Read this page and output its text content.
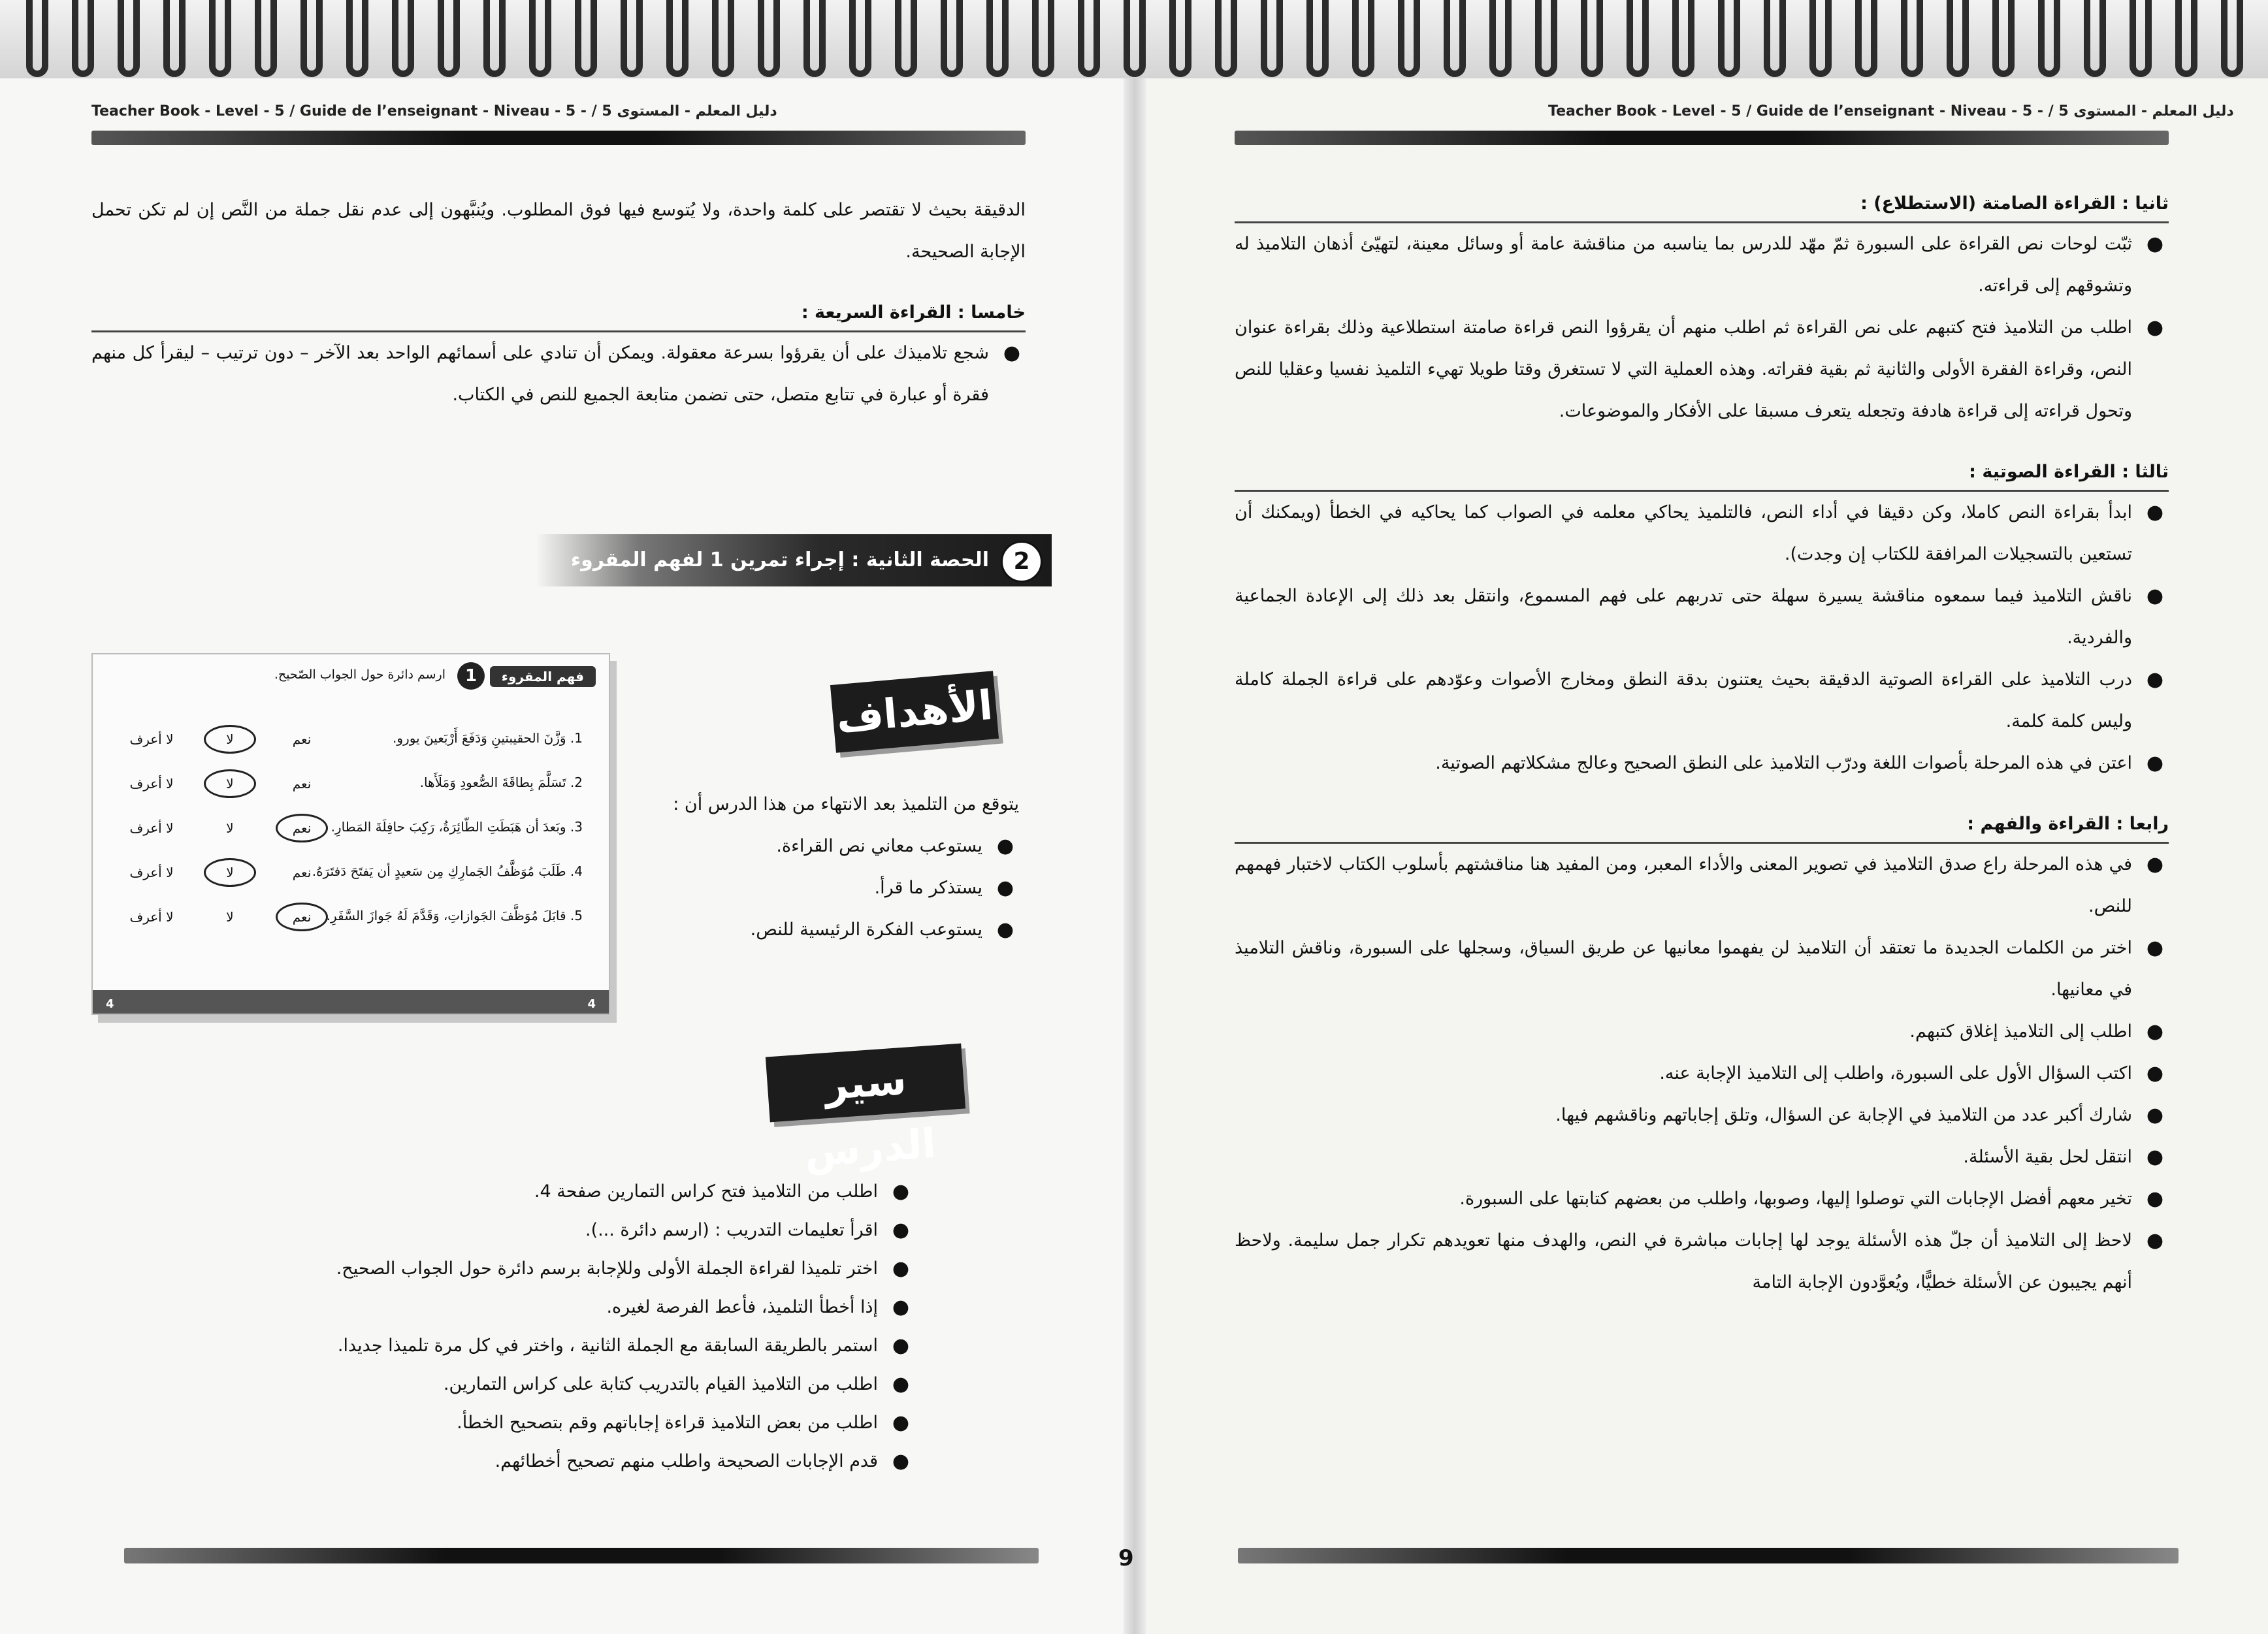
Teacher Book - Level - 5 / Guide de l’enseignant - Niveau - 5 - / دليل المعلم - المستوى 5	Teacher Book - Level - 5 / Guide de l’enseignant - Niveau - 5 - / دليل المعلم - المستوى 5
ثانيا : القراءة الصامتة (الاستطلاع) :
● ثبّت لوحات نص القراءة على السبورة ثمّ مهّد للدرس بما يناسبه من مناقشة عامة أو وسائل معينة، لتهيّئ أذهان التلاميذ له وتشوقهم إلى قراءته.
● اطلب من التلاميذ فتح كتبهم على نص القراءة ثم اطلب منهم أن يقرؤوا النص قراءة صامتة استطلاعية وذلك بقراءة عنوان النص، وقراءة الفقرة الأولى والثانية ثم بقية فقراته. وهذه العملية التي لا تستغرق وقتا طويلا تهيء التلميذ نفسيا وعقليا للنص وتحول قراءته إلى قراءة هادفة وتجعله يتعرف مسبقا على الأفكار والموضوعات.
ثالثا : القراءة الصوتية :
● ابدأ بقراءة النص كاملا، وكن دقيقا في أداء النص، فالتلميذ يحاكي معلمه في الصواب كما يحاكيه في الخطأ (ويمكنك أن تستعين بالتسجيلات المرافقة للكتاب إن وجدت).
● ناقش التلاميذ فيما سمعوه مناقشة يسيرة سهلة حتى تدربهم على فهم المسموع، وانتقل بعد ذلك إلى الإعادة الجماعية والفردية.
● درب التلاميذ على القراءة الصوتية الدقيقة بحيث يعتنون بدقة النطق ومخارج الأصوات وعوّدهم على قراءة الجملة كاملة وليس كلمة كلمة.
● اعتن في هذه المرحلة بأصوات اللغة ودرّب التلاميذ على النطق الصحيح وعالج مشكلاتهم الصوتية.
رابعا : القراءة والفهم :
● في هذه المرحلة راع صدق التلاميذ في تصوير المعنى والأداء المعبر، ومن المفيد هنا مناقشتهم بأسلوب الكتاب لاختبار فهمهم للنص.
● اختر من الكلمات الجديدة ما تعتقد أن التلاميذ لن يفهموا معانيها عن طريق السياق، وسجلها على السبورة، وناقش التلاميذ في معانيها.
● اطلب إلى التلاميذ إغلاق كتبهم.
● اكتب السؤال الأول على السبورة، واطلب إلى التلاميذ الإجابة عنه.
● شارك أكبر عدد من التلاميذ في الإجابة عن السؤال، وتلق إجاباتهم وناقشهم فيها.
● انتقل لحل بقية الأسئلة.
● تخير معهم أفضل الإجابات التي توصلوا إليها، وصوبها، واطلب من بعضهم كتابتها على السبورة.
● لاحظ إلى التلاميذ أن جلّ هذه الأسئلة يوجد لها إجابات مباشرة في النص، والهدف منها تعويدهم تكرار جمل سليمة. ولاحظ أنهم يجيبون عن الأسئلة خطيًّا، ويُعوَّدون الإجابة التامة

الدقيقة بحيث لا تقتصر على كلمة واحدة، ولا يُتوسع فيها فوق المطلوب. ويُنبَّهون إلى عدم نقل جملة من النَّص إن لم تكن تحمل الإجابة الصحيحة.

خامسا : القراءة السريعة :
● شجع تلاميذك على أن يقرؤوا بسرعة معقولة. ويمكن أن تنادي على أسمائهم الواحد بعد الآخر – دون ترتيب – ليقرأ كل منهم فقرة أو عبارة في تتابع متصل، حتى تضمن متابعة الجميع للنص في الكتاب.
2
الحصة الثانية : إجراء تمرين 1 لفهم المقروء
الأهداف

يتوقع من التلميذ بعد الانتهاء من هذا الدرس أن :

● يستوعب معاني نص القراءة.
● يستذكر ما قرأ.
● يستوعب الفكرة الرئيسية للنص.
فهم المقروء
1
ارسم دائرة حول الجواب الصّحيح.
1. وَزَّنَ الحقيبتينِ وَدَفَعَ أَرْبَعينَ يورو.
نعم
لا
لا أعرف
2. تَسَلَّمَ بِطاقَةَ الصُّعودِ وَمَلَأَها.
نعم
لا
لا أعرف
3. وبَعدَ أن هَبَطَتِ الطّائِرَةُ، رَكِبَ حافِلَةَ المَطارِ.
نعم
لا
لا أعرف
4. طَلَبَ مُوَظَّفُ الجَمارِكِ مِن سَعيدٍ أن يَفتَحَ دَفتَرَهُ.
نعم
لا
لا أعرف
5. قابَلَ مُوَظَّفَ الجَوازاتِ، وَقَدَّمَ لَهُ جَوازَ السَّفَرِ.
نعم
لا
لا أعرف
4
4
سير الدرس
● اطلب من التلاميذ فتح كراس التمارين صفحة 4.
● اقرأ تعليمات التدريب : (ارسم دائرة ...).
● اختر تلميذا لقراءة الجملة الأولى وللإجابة برسم دائرة حول الجواب الصحيح.
● إذا أخطأ التلميذ، فأعط الفرصة لغيره.
● استمر بالطريقة السابقة مع الجملة الثانية ، واختر في كل مرة تلميذا جديدا.
● اطلب من التلاميذ القيام بالتدريب كتابة على كراس التمارين.
● اطلب من بعض التلاميذ قراءة إجاباتهم وقم بتصحيح الخطأ.
● قدم الإجابات الصحيحة واطلب منهم تصحيح أخطائهم.
9
